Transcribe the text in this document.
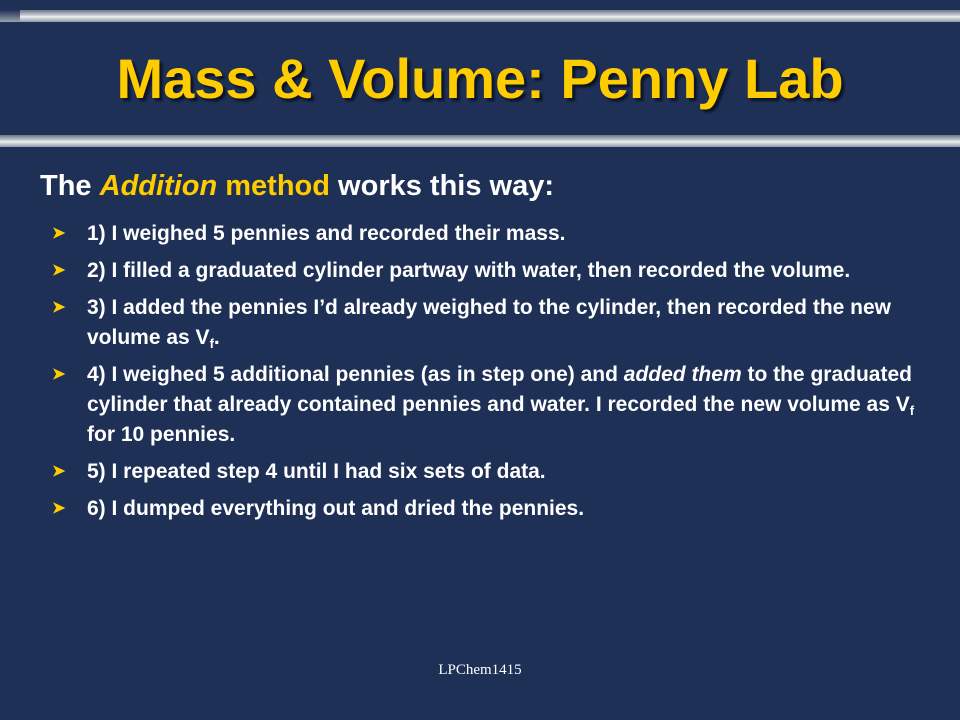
Mass & Volume: Penny Lab
The Addition method works this way:
➤ 1) I weighed 5 pennies and recorded their mass.
➤ 2) I filled a graduated cylinder partway with water, then recorded the volume.
➤ 3) I added the pennies I’d already weighed to the cylinder, then recorded the new volume as $V_f$.
➤ 4) I weighed 5 additional pennies (as in step one) and added them to the graduated cylinder that already contained pennies and water. I recorded the new volume as $V_f$ for 10 pennies.
➤ 5) I repeated step 4 until I had six sets of data.
➤ 6) I dumped everything out and dried the pennies.
LPChem1415
